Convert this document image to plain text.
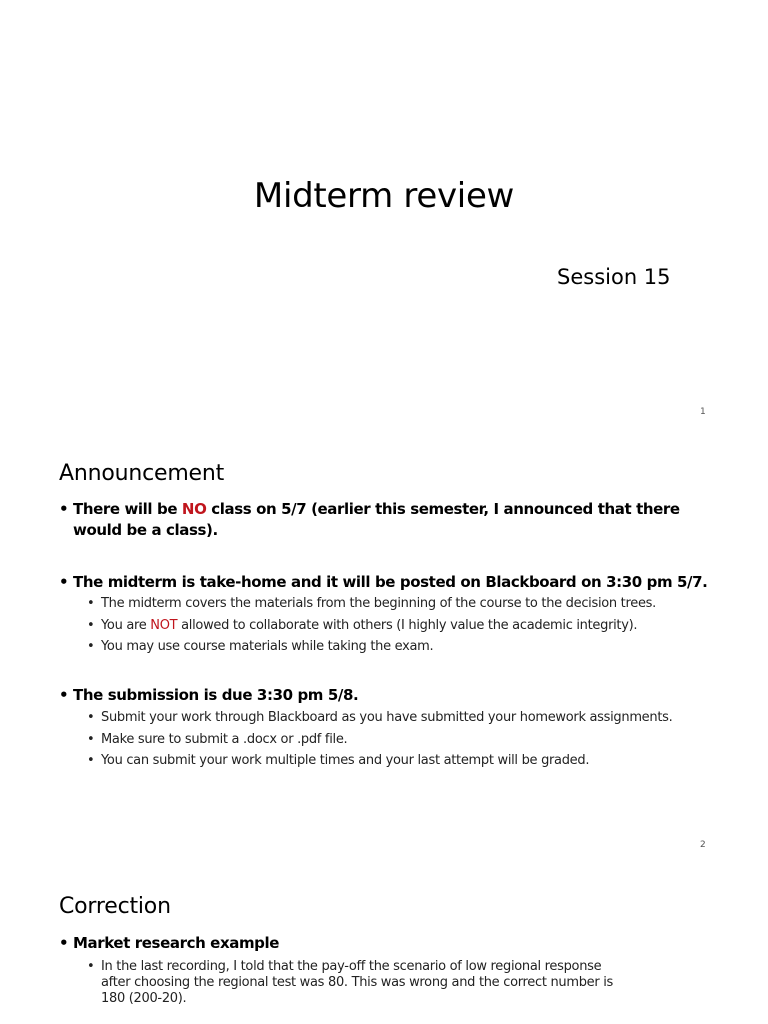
Midterm review
Session 15
1
Announcement
• There will be NO class on 5/7 (earlier this semester, I announced that there would be a class).
• The midterm is take-home and it will be posted on Blackboard on 3:30 pm 5/7.
• The midterm covers the materials from the beginning of the course to the decision trees.
• You are NOT allowed to collaborate with others (I highly value the academic integrity).
• You may use course materials while taking the exam.
• The submission is due 3:30 pm 5/8.
• Submit your work through Blackboard as you have submitted your homework assignments.
• Make sure to submit a .docx or .pdf file.
• You can submit your work multiple times and your last attempt will be graded.
2
Correction
• Market research example
• In the last recording, I told that the pay-off the scenario of low regional response after choosing the regional test was 80. This was wrong and the correct number is 180 (200-20).
